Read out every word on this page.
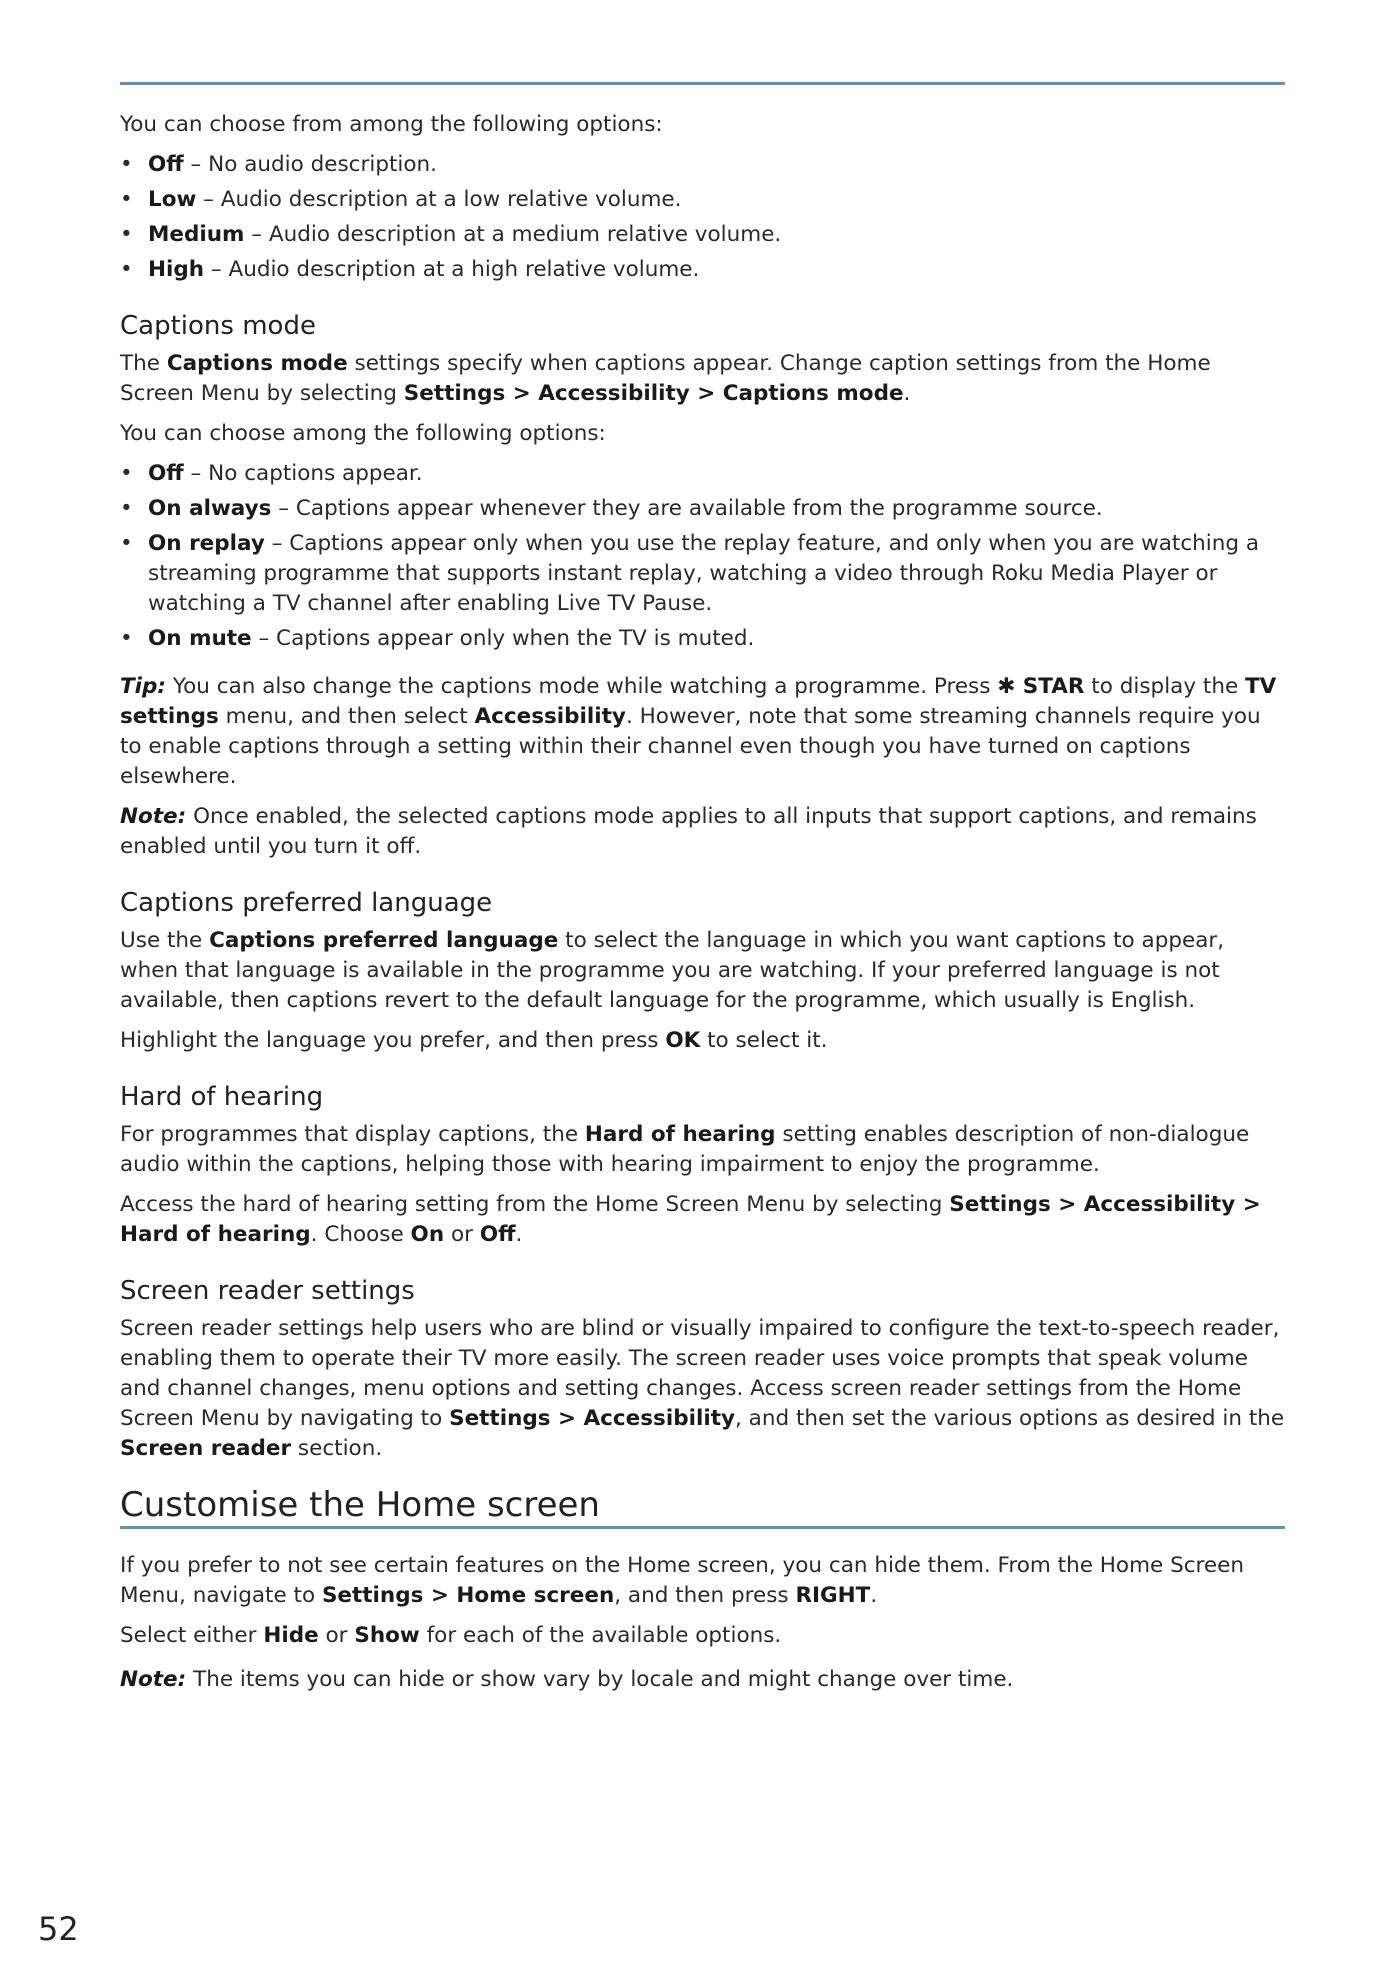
You can choose from among the following options:

• Off – No audio description.
• Low – Audio description at a low relative volume.
• Medium – Audio description at a medium relative volume.
• High – Audio description at a high relative volume.
Captions mode

The Captions mode settings specify when captions appear. Change caption settings from the Home Screen Menu by selecting Settings > Accessibility > Captions mode.

You can choose among the following options:

• Off – No captions appear.
• On always – Captions appear whenever they are available from the programme source.
• On replay – Captions appear only when you use the replay feature, and only when you are watching a streaming programme that supports instant replay, watching a video through Roku Media Player or watching a TV channel after enabling Live TV Pause.
• On mute – Captions appear only when the TV is muted.

Tip: You can also change the captions mode while watching a programme. Press ✱ STAR to display the TV settings menu, and then select Accessibility. However, note that some streaming channels require you to enable captions through a setting within their channel even though you have turned on captions elsewhere.

Note: Once enabled, the selected captions mode applies to all inputs that support captions, and remains enabled until you turn it off.

Captions preferred language

Use the Captions preferred language to select the language in which you want captions to appear, when that language is available in the programme you are watching. If your preferred language is not available, then captions revert to the default language for the programme, which usually is English.

Highlight the language you prefer, and then press OK to select it.

Hard of hearing

For programmes that display captions, the Hard of hearing setting enables description of non-dialogue audio within the captions, helping those with hearing impairment to enjoy the programme.

Access the hard of hearing setting from the Home Screen Menu by selecting Settings > Accessibility > Hard of hearing. Choose On or Off.

Screen reader settings

Screen reader settings help users who are blind or visually impaired to configure the text-to-speech reader, enabling them to operate their TV more easily. The screen reader uses voice prompts that speak volume and channel changes, menu options and setting changes. Access screen reader settings from the Home Screen Menu by navigating to Settings > Accessibility, and then set the various options as desired in the Screen reader section.

Customise the Home screen

If you prefer to not see certain features on the Home screen, you can hide them. From the Home Screen Menu, navigate to Settings > Home screen, and then press RIGHT.

Select either Hide or Show for each of the available options.

Note: The items you can hide or show vary by locale and might change over time.

52
